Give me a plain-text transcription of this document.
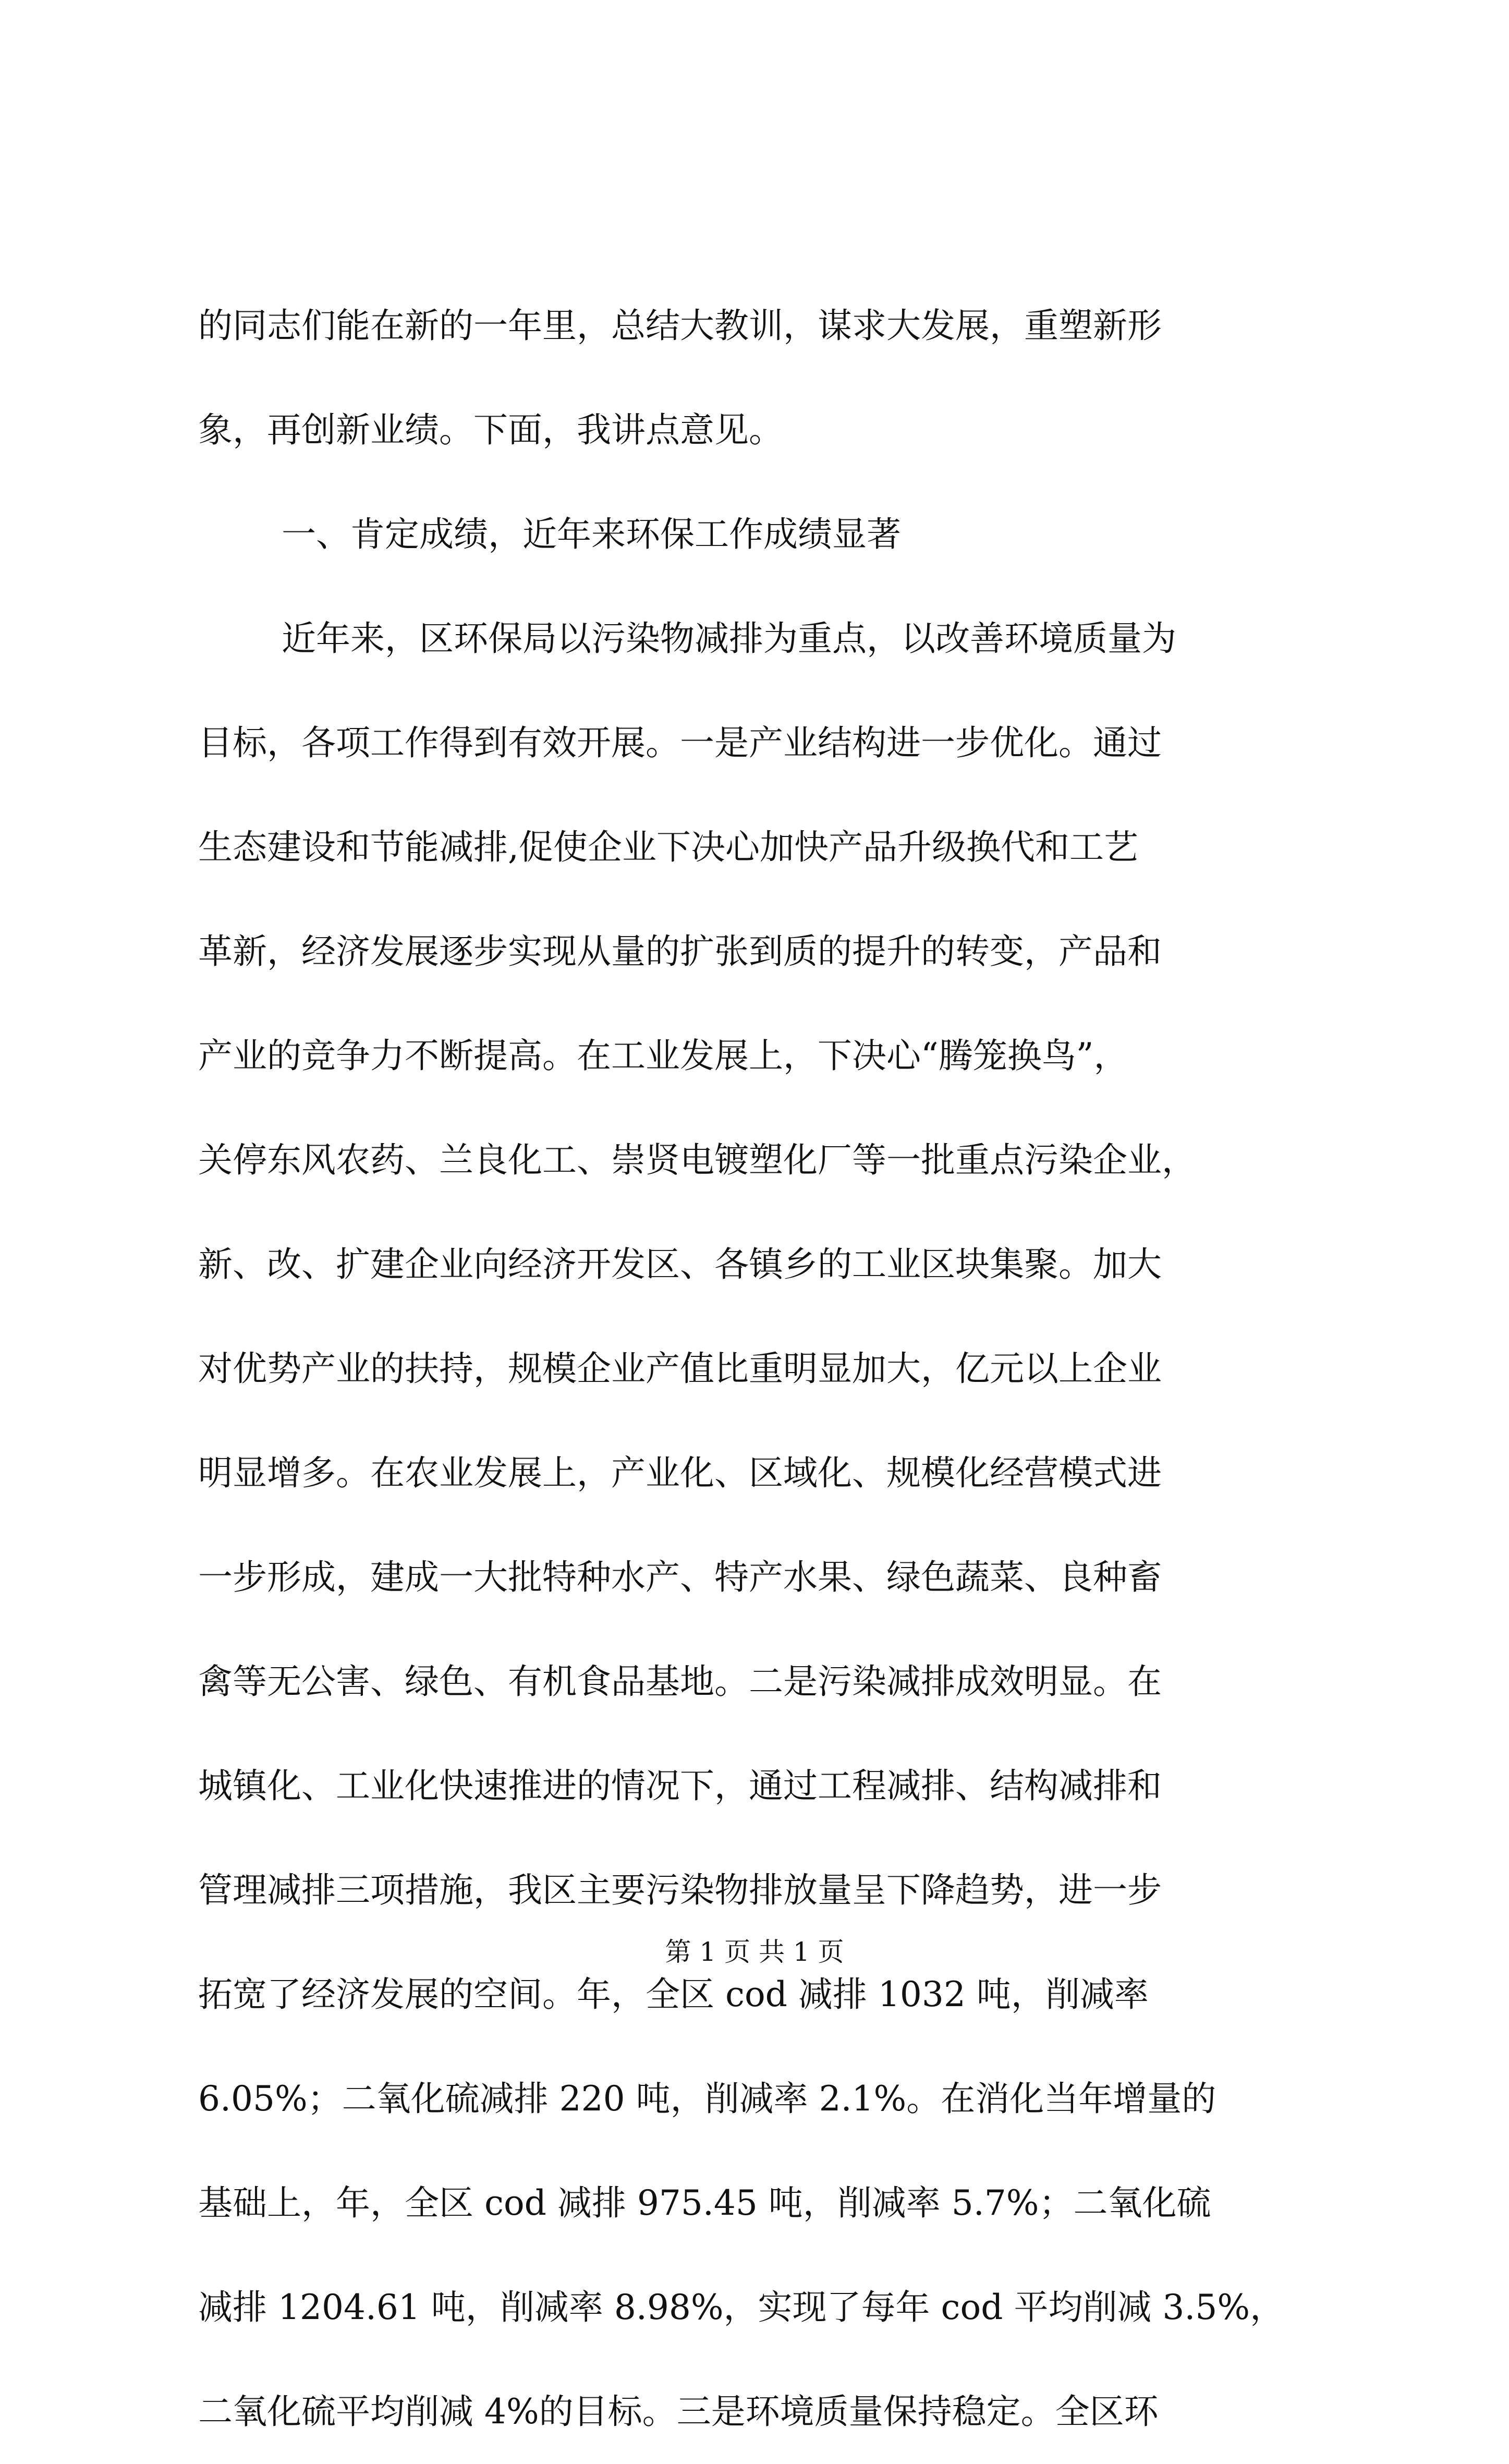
的同志们能在新的一年里，总结大教训，谋求大发展，重塑新形
象，再创新业绩。下面，我讲点意见。
一、肯定成绩，近年来环保工作成绩显著
近年来，区环保局以污染物减排为重点，以改善环境质量为
目标，各项工作得到有效开展。一是产业结构进一步优化。通过
生态建设和节能减排,促使企业下决心加快产品升级换代和工艺
革新，经济发展逐步实现从量的扩张到质的提升的转变，产品和
产业的竞争力不断提高。在工业发展上，下决心“腾笼换鸟”，
关停东风农药、兰良化工、崇贤电镀塑化厂等一批重点污染企业，
新、改、扩建企业向经济开发区、各镇乡的工业区块集聚。加大
对优势产业的扶持，规模企业产值比重明显加大，亿元以上企业
明显增多。在农业发展上，产业化、区域化、规模化经营模式进
一步形成，建成一大批特种水产、特产水果、绿色蔬菜、良种畜
禽等无公害、绿色、有机食品基地。二是污染减排成效明显。在
城镇化、工业化快速推进的情况下，通过工程减排、结构减排和
管理减排三项措施，我区主要污染物排放量呈下降趋势，进一步
拓宽了经济发展的空间。年，全区 cod 减排 1032 吨，削减率
6.05%；二氧化硫减排 220 吨，削减率 2.1%。在消化当年增量的
基础上，年，全区 cod 减排 975.45 吨，削减率 5.7%；二氧化硫
减排 1204.61 吨，削减率 8.98%，实现了每年 cod 平均削减 3.5%，
二氧化硫平均削减 4%的目标。三是环境质量保持稳定。全区环
第 1 页 共 1 页
